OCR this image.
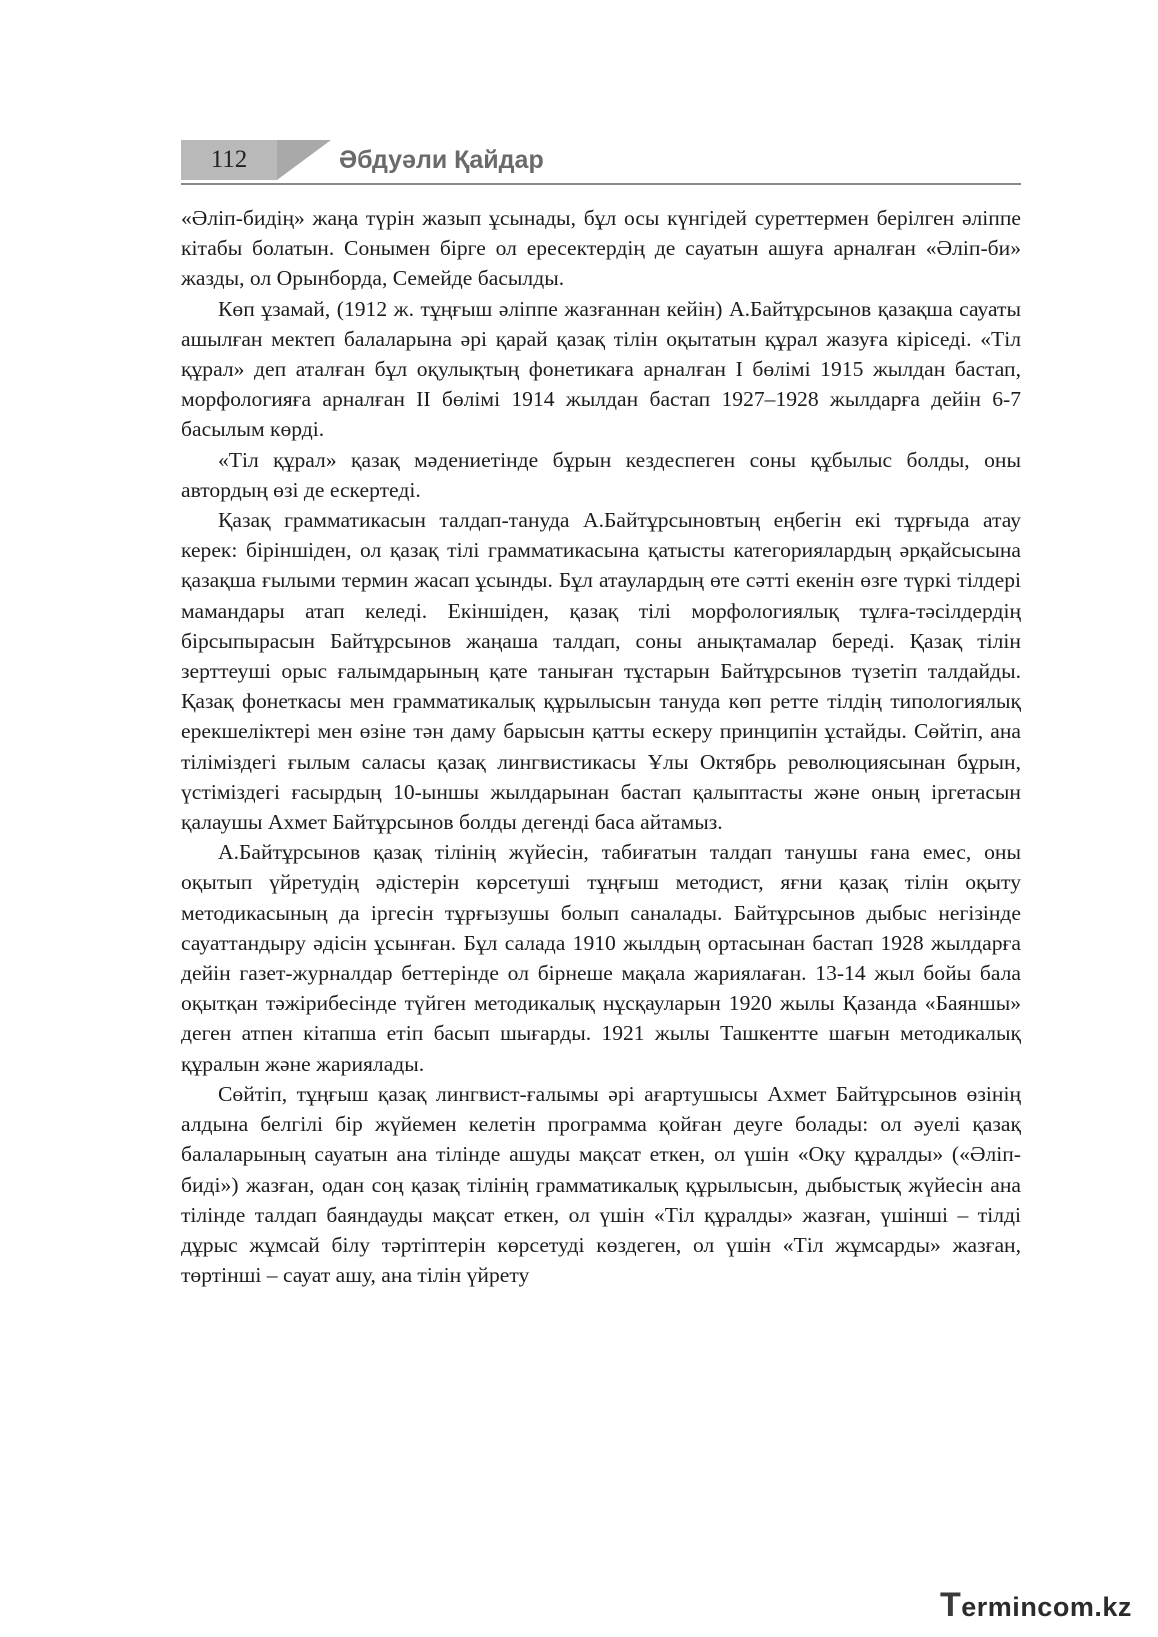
112	Әбдуәли Қайдар

«Әліп-бидің» жаңа түрін жазып ұсынады, бұл осы күнгідей суреттермен берілген әліппе кітабы болатын. Сонымен бірге ол ересектердің де сауатын ашуға арналған «Әліп-би» жазды, ол Орынборда, Семейде басылды.

Көп ұзамай, (1912 ж. тұңғыш әліппе жазғаннан кейін) А.Байтұрсынов қазақша сауаты ашылған мектеп балаларына әрі қарай қазақ тілін оқытатын құрал жазуға кіріседі. «Тіл құрал» деп аталған бұл оқулықтың фонетикаға арналған I бөлімі 1915 жылдан бастап, морфологияға арналған II бөлімі 1914 жылдан бастап 1927–1928 жылдарға дейін 6-7 басылым көрді.

«Тіл құрал» қазақ мәдениетінде бұрын кездеспеген соны құбылыс болды, оны автордың өзі де ескертеді.

Қазақ грамматикасын талдап-тануда А.Байтұрсыновтың еңбегін екі тұрғыда атау керек: біріншіден, ол қазақ тілі грамматикасына қатысты категориялардың әрқайсысына қазақша ғылыми термин жасап ұсынды. Бұл атаулардың өте сәтті екенін өзге түркі тілдері мамандары атап келеді. Екіншіден, қазақ тілі морфологиялық тұлға-тәсілдердің бірсыпырасын Байтұрсынов жаңаша талдап, соны анықтамалар береді. Қазақ тілін зерттеуші орыс ғалымдарының қате таныған тұстарын Байтұрсынов түзетіп талдайды. Қазақ фонеткасы мен грамматикалық құрылысын тануда көп ретте тілдің типологиялық ерекшеліктері мен өзіне тән даму барысын қатты ескеру принципін ұстайды. Сөйтіп, ана тіліміздегі ғылым саласы қазақ лингвистикасы Ұлы Октябрь революциясынан бұрын, үстіміздегі ғасырдың 10-ыншы жылдарынан бастап қалыптасты және оның іргетасын қалаушы Ахмет Байтұрсынов болды дегенді баса айтамыз.

А.Байтұрсынов қазақ тілінің жүйесін, табиғатын талдап танушы ғана емес, оны оқытып үйретудің әдістерін көрсетуші тұңғыш методист, яғни қазақ тілін оқыту методикасының да іргесін тұрғызушы болып саналады. Байтұрсынов дыбыс негізінде сауаттандыру әдісін ұсынған. Бұл салада 1910 жылдың ортасынан бастап 1928 жылдарға дейін газет-журналдар беттерінде ол бірнеше мақала жариялаған. 13-14 жыл бойы бала оқытқан тәжірибесінде түйген методикалық нұсқауларын 1920 жылы Қазанда «Баяншы» деген атпен кітапша етіп басып шығарды. 1921 жылы Ташкентте шағын методикалық құралын және жариялады.

Сөйтіп, тұңғыш қазақ лингвист-ғалымы әрі ағартушысы Ахмет Байтұрсынов өзінің алдына белгілі бір жүйемен келетін программа қойған деуге болады: ол әуелі қазақ балаларының сауатын ана тілінде ашуды мақсат еткен, ол үшін «Оқу құралды» («Әліп-биді») жазған, одан соң қазақ тілінің грамматикалық құрылысын, дыбыстық жүйесін ана тілінде талдап баяндауды мақсат еткен, ол үшін «Тіл құралды» жазған, үшінші – тілді дұрыс жұмсай білу тәртіптерін көрсетуді көздеген, ол үшін «Тіл жұмсарды» жазған, төртінші – сауат ашу, ана тілін үйрету

Termincom.kz
